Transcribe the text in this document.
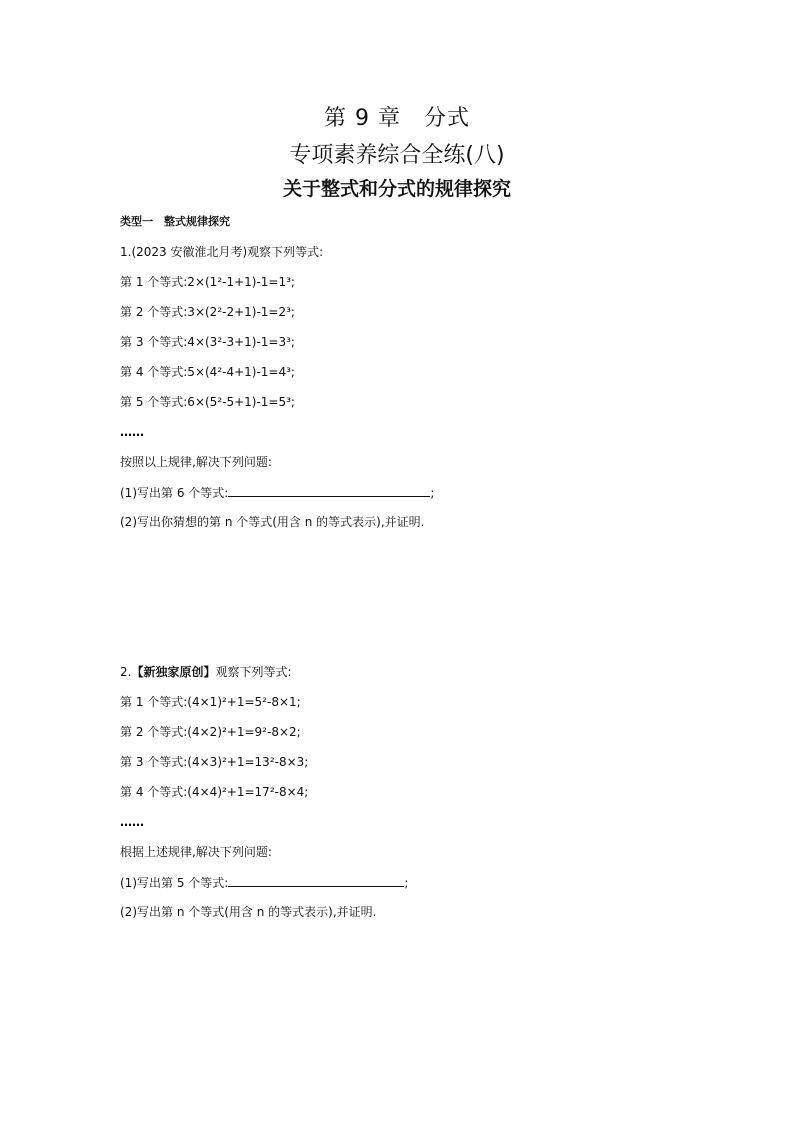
第 9 章　分式
专项素养综合全练(八)
关于整式和分式的规律探究

类型一　整式规律探究

1.(2023 安徽淮北月考)观察下列等式:

第 1 个等式:2×(1²-1+1)-1=1³;

第 2 个等式:3×(2²-2+1)-1=2³;

第 3 个等式:4×(3²-3+1)-1=3³;

第 4 个等式:5×(4²-4+1)-1=4³;

第 5 个等式:6×(5²-5+1)-1=5³;

……

按照以上规律,解决下列问题:

(1)写出第 6 个等式:	;

(2)写出你猜想的第 n 个等式(用含 n 的等式表示),并证明.

2.【新独家原创】观察下列等式:

第 1 个等式:(4×1)²+1=5²-8×1;

第 2 个等式:(4×2)²+1=9²-8×2;

第 3 个等式:(4×3)²+1=13²-8×3;

第 4 个等式:(4×4)²+1=17²-8×4;

……

根据上述规律,解决下列问题:

(1)写出第 5 个等式:	;

(2)写出第 n 个等式(用含 n 的等式表示),并证明.
